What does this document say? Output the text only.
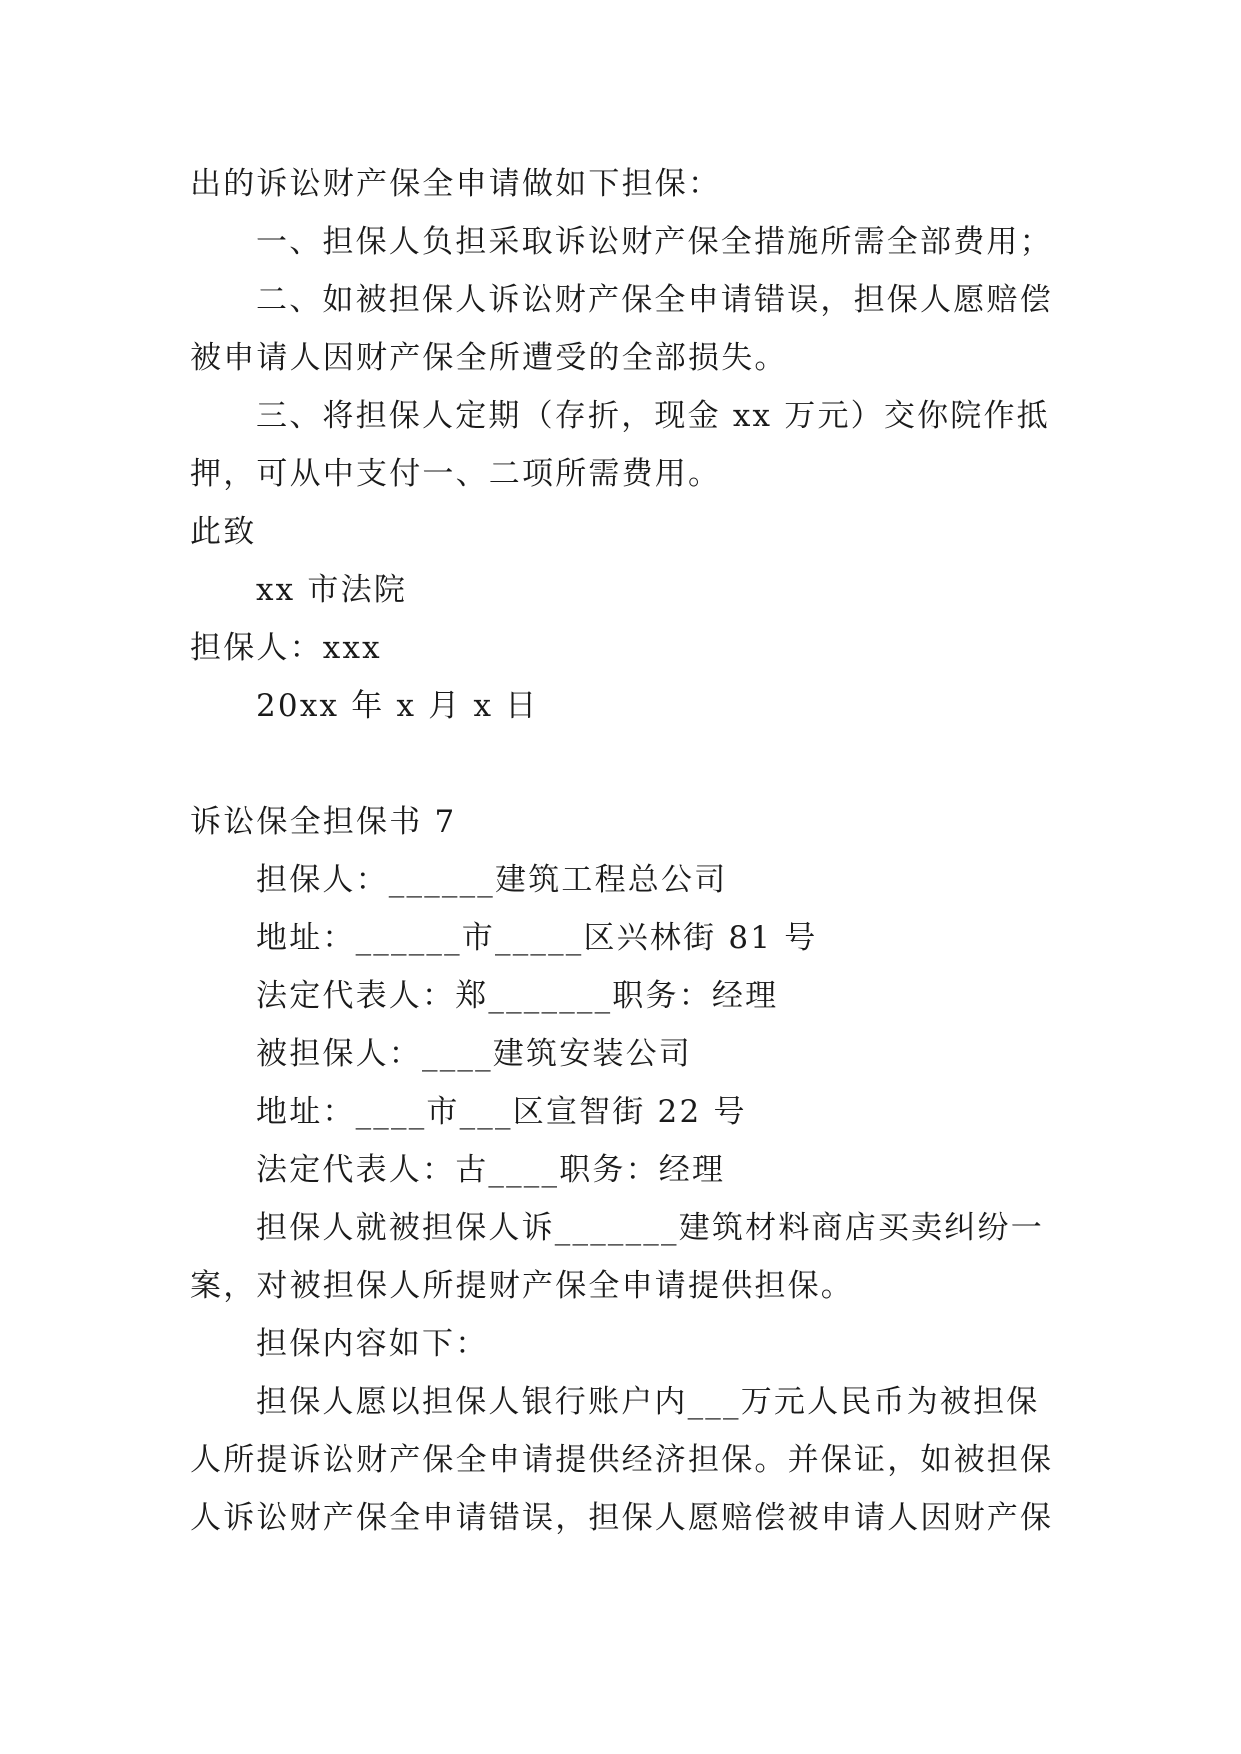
出的诉讼财产保全申请做如下担保：
一、担保人负担采取诉讼财产保全措施所需全部费用；
二、如被担保人诉讼财产保全申请错误，担保人愿赔偿
被申请人因财产保全所遭受的全部损失。
三、将担保人定期（存折，现金 xx 万元）交你院作抵
押，可从中支付一、二项所需费用。
此致
xx 市法院
担保人：xxx
20xx 年 x 月 x 日
诉讼保全担保书 7
担保人：______建筑工程总公司
地址：______市_____区兴林街 81 号
法定代表人：郑_______职务：经理
被担保人：____建筑安装公司
地址：____市___区宣智街 22 号
法定代表人：古____职务：经理
担保人就被担保人诉_______建筑材料商店买卖纠纷一
案，对被担保人所提财产保全申请提供担保。
担保内容如下：
担保人愿以担保人银行账户内___万元人民币为被担保
人所提诉讼财产保全申请提供经济担保。并保证，如被担保
人诉讼财产保全申请错误，担保人愿赔偿被申请人因财产保
